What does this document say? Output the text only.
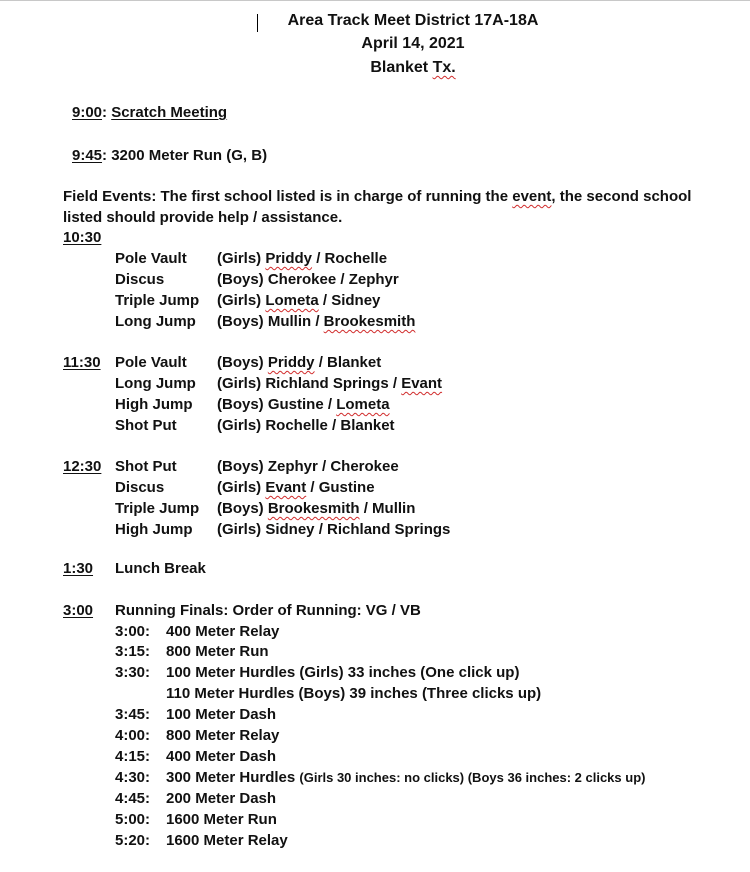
Area Track Meet District 17A-18A
April 14, 2021
Blanket Tx.
9:00: Scratch Meeting
9:45: 3200 Meter Run (G, B)
Field Events: The first school listed is in charge of running the event, the second school listed should provide help / assistance.
10:30
Pole Vault (Girls) Priddy / Rochelle
Discus	(Boys) Cherokee / Zephyr
Triple Jump (Girls) Lometa / Sidney
Long Jump (Boys) Mullin / Brookesmith
11:30 Pole Vault (Boys) Priddy / Blanket
Long Jump (Girls) Richland Springs / Evant
High Jump (Boys) Gustine / Lometa
Shot Put	(Girls) Rochelle / Blanket
12:30 Shot Put	(Boys) Zephyr / Cherokee
Discus	(Girls) Evant / Gustine
Triple Jump (Boys) Brookesmith / Mullin
High Jump (Girls) Sidney / Richland Springs
1:30 Lunch Break
3:00 Running Finals: Order of Running: VG / VB
3:00: 400 Meter Relay
3:15: 800 Meter Run
3:30: 100 Meter Hurdles (Girls) 33 inches (One click up)
110 Meter Hurdles (Boys) 39 inches (Three clicks up)
3:45: 100 Meter Dash
4:00: 800 Meter Relay
4:15: 400 Meter Dash
4:30: 300 Meter Hurdles (Girls 30 inches: no clicks) (Boys 36 inches: 2 clicks up)
4:45: 200 Meter Dash
5:00: 1600 Meter Run
5:20: 1600 Meter Relay
